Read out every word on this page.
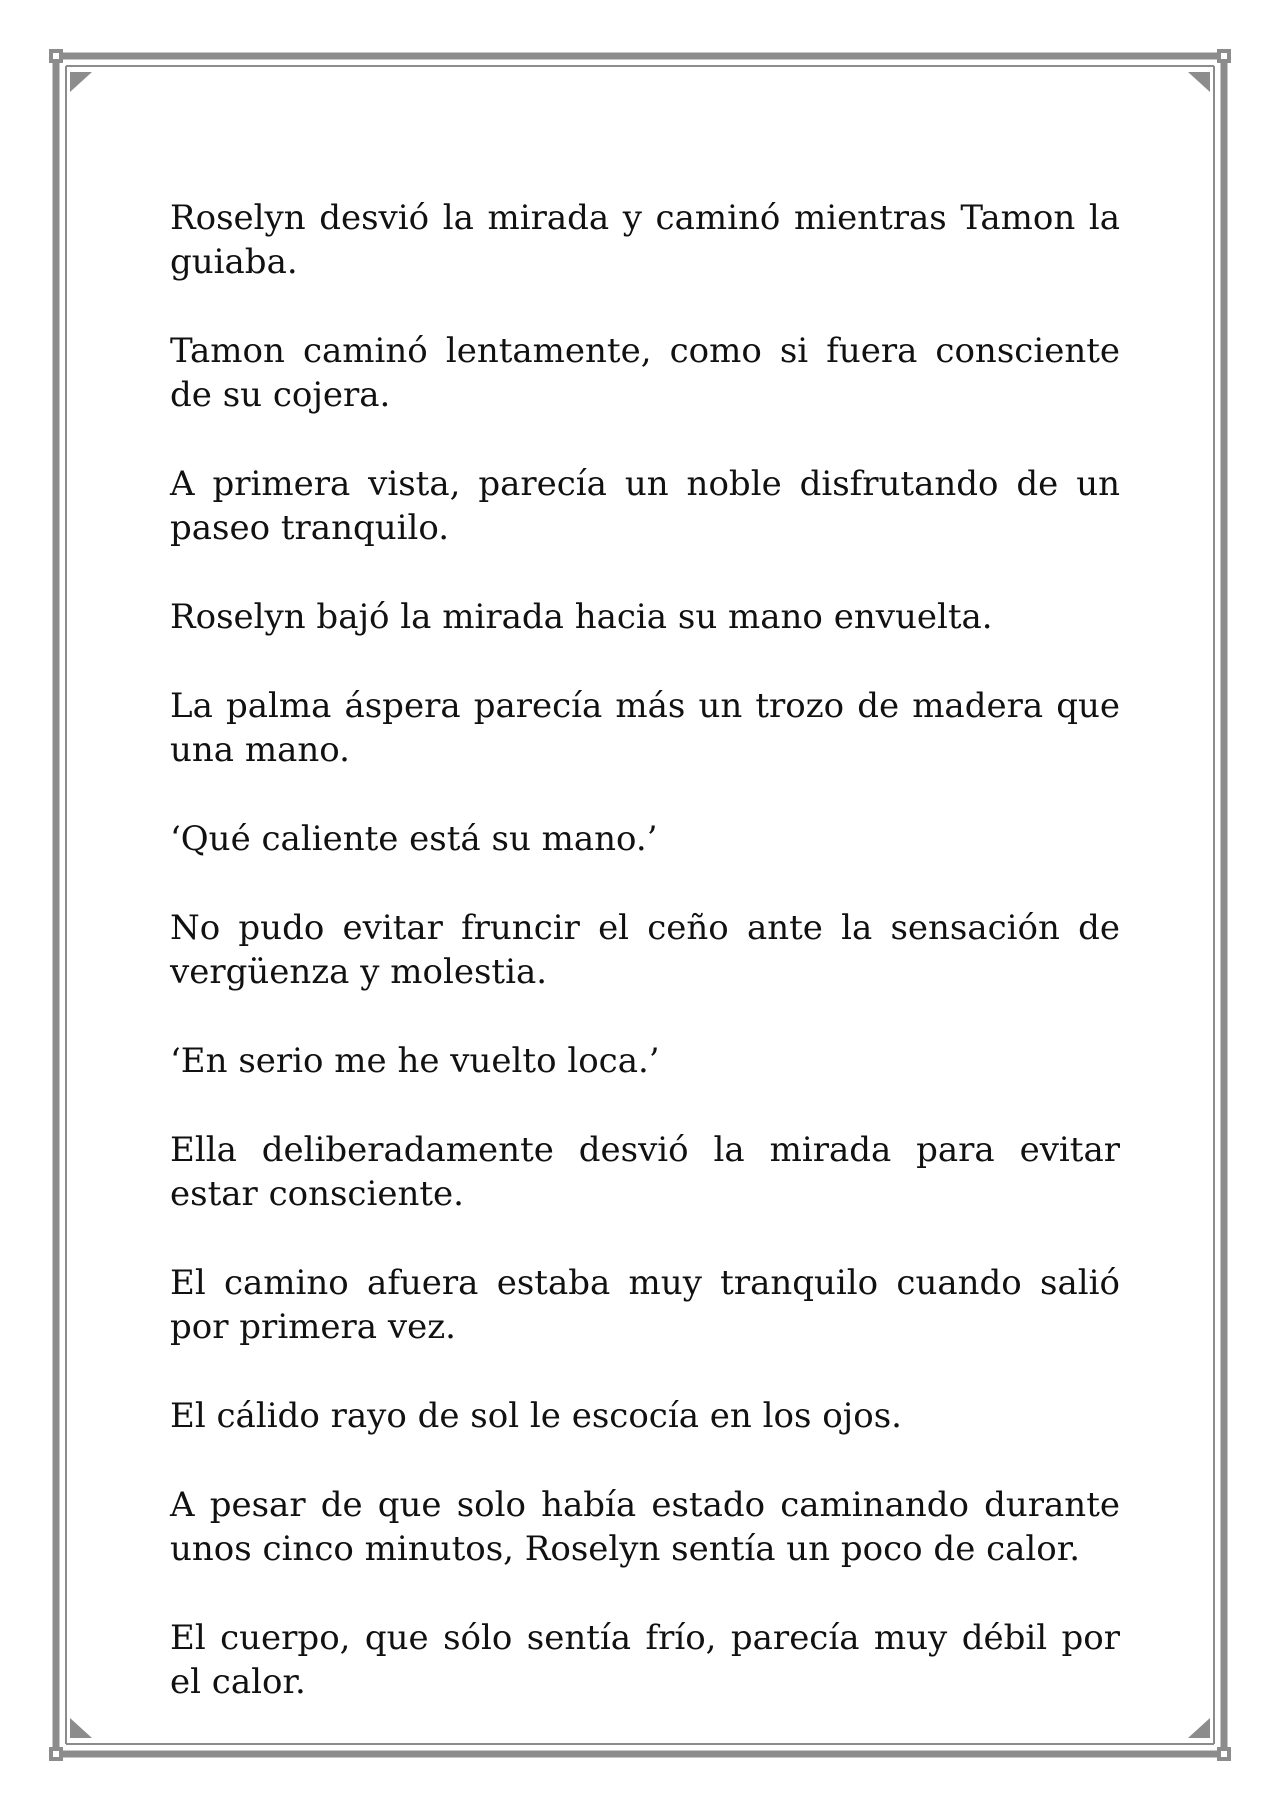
Roselyn desvió la mirada y caminó mientras Tamon la guiaba.

Tamon caminó lentamente, como si fuera consciente de su cojera.

A primera vista, parecía un noble disfrutando de un paseo tranquilo.

Roselyn bajó la mirada hacia su mano envuelta.

La palma áspera parecía más un trozo de madera que una mano.

‘Qué caliente está su mano.’

No pudo evitar fruncir el ceño ante la sensación de vergüenza y molestia.

‘En serio me he vuelto loca.’

Ella deliberadamente desvió la mirada para evitar estar consciente.

El camino afuera estaba muy tranquilo cuando salió por primera vez.

El cálido rayo de sol le escocía en los ojos.

A pesar de que solo había estado caminando durante unos cinco minutos, Roselyn sentía un poco de calor.

El cuerpo, que sólo sentía frío, parecía muy débil por el calor.
